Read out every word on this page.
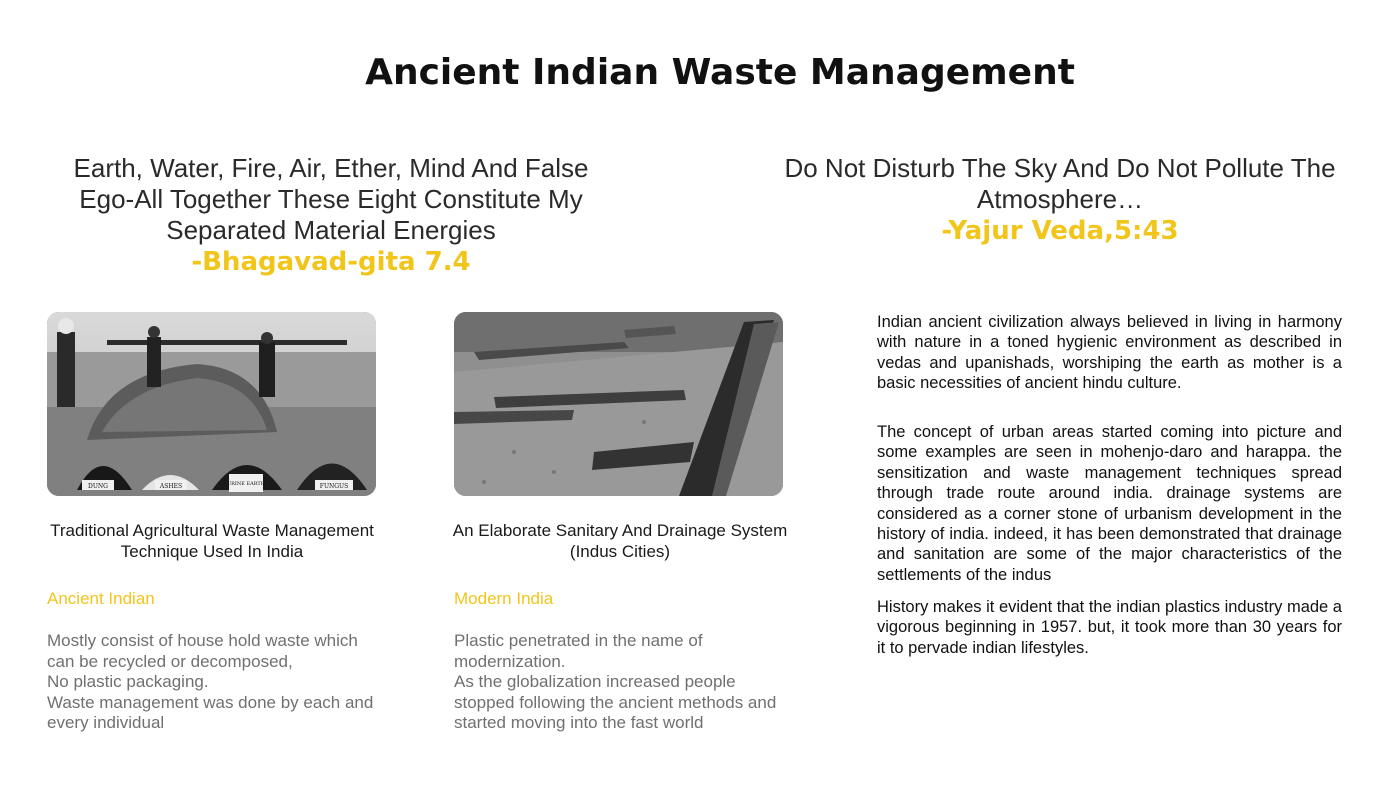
Ancient Indian Waste Management
Earth, Water, Fire, Air, Ether, Mind And False Ego-All Together These Eight Constitute My Separated Material Energies
-Bhagavad-gita 7.4
Do Not Disturb The Sky And Do Not Pollute The Atmosphere…
-Yajur Veda,5:43
DUNG	ASHES	URINE EARTH	FUNGUS
Traditional Agricultural Waste Management Technique Used In India
An Elaborate Sanitary And Drainage System (Indus Cities)
Ancient Indian	Modern India
Mostly consist of house hold waste which
can be recycled or decomposed,
No plastic packaging.
Waste management was done by each and
every individual
Plastic penetrated in the name of
modernization.
As the globalization increased people
stopped following the ancient methods and
started moving into the fast world
Indian ancient civilization always believed in living in harmony with nature in a toned hygienic environment as described in vedas and upanishads, worshiping the earth as mother is a basic necessities of ancient hindu culture.
The concept of urban areas started coming into picture and some examples are seen in mohenjo-daro and harappa. the sensitization and waste management techniques spread through trade route around india. drainage systems are considered as a corner stone of urbanism development in the history of india. indeed, it has been demonstrated that drainage and sanitation are some of the major characteristics of the settlements of the indus
History makes it evident that the indian plastics industry made a vigorous beginning in 1957. but, it took more than 30 years for it to pervade indian lifestyles.
